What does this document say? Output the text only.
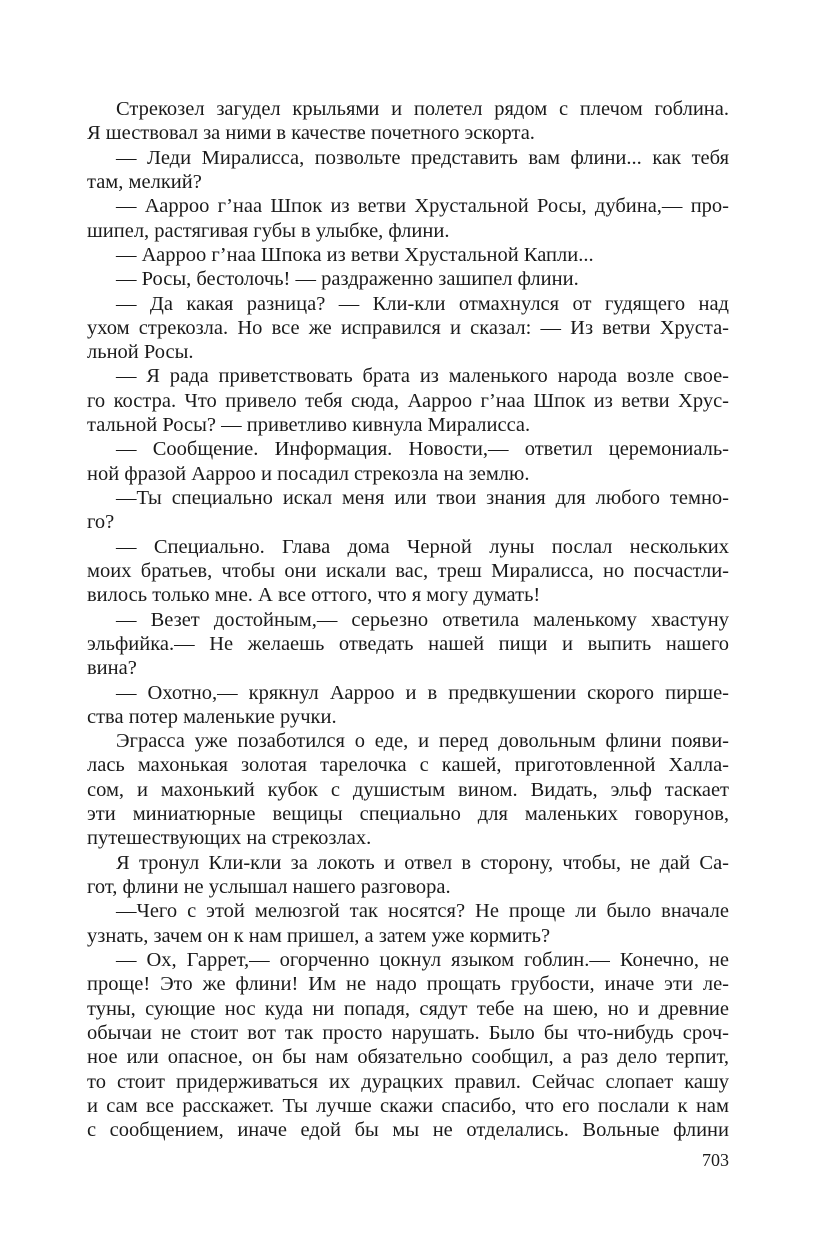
Стрекозел загудел крыльями и полетел рядом с плечом гоблина.
Я шествовал за ними в качестве почетного эскорта.
— Леди Миралисса, позвольте представить вам флини... как тебя
там, мелкий?
— Аарроо г’наа Шпок из ветви Хрустальной Росы, дубина,— про-
шипел, растягивая губы в улыбке, флини.
— Аарроо г’наа Шпока из ветви Хрустальной Капли...
— Росы, бестолочь! — раздраженно зашипел флини.
— Да какая разница? — Кли-кли отмахнулся от гудящего над
ухом стрекозла. Но все же исправился и сказал: — Из ветви Хруста-
льной Росы.
— Я рада приветствовать брата из маленького народа возле свое-
го костра. Что привело тебя сюда, Аарроо г’наа Шпок из ветви Хрус-
тальной Росы? — приветливо кивнула Миралисса.
— Сообщение. Информация. Новости,— ответил церемониаль-
ной фразой Ааррoo и посадил стрекозла на землю.
—Ты специально искал меня или твои знания для любого темно-
го?
— Специально. Глава дома Черной луны послал нескольких
моих братьев, чтобы они искали вас, треш Миралисса, но посчастли-
вилось только мне. А все оттого, что я могу думать!
— Везет достойным,— серьезно ответила маленькому хвастуну
эльфийка.— Не желаешь отведать нашей пищи и выпить нашего
вина?
— Охотно,— крякнул Ааррoo и в предвкушении скорого пирше-
ства потер маленькие ручки.
Эграсса уже позаботился о еде, и перед довольным флини появи-
лась махонькая золотая тарелочка с кашей, приготовленной Халла-
сом, и махонький кубок с душистым вином. Видать, эльф таскает
эти миниатюрные вещицы специально для маленьких говорунов,
путешествующих на стрекозлах.
Я тронул Кли-кли за локоть и отвел в сторону, чтобы, не дай Са-
гот, флини не услышал нашего разговора.
—Чего с этой мелюзгой так носятся? Не проще ли было вначале
узнать, зачем он к нам пришел, а затем уже кормить?
— Ох, Гаррет,— огорченно цокнул языком гоблин.— Конечно, не
проще! Это же флини! Им не надо прощать грубости, иначе эти ле-
туны, сующие нос куда ни попадя, сядут тебе на шею, но и древние
обычаи не стоит вот так просто нарушать. Было бы что-нибудь сроч-
ное или опасное, он бы нам обязательно сообщил, а раз дело терпит,
то стоит придерживаться их дурацких правил. Сейчас слопает кашу
и сам все расскажет. Ты лучше скажи спасибо, что его послали к нам
с сообщением, иначе едой бы мы не отделались. Вольные флини
703
